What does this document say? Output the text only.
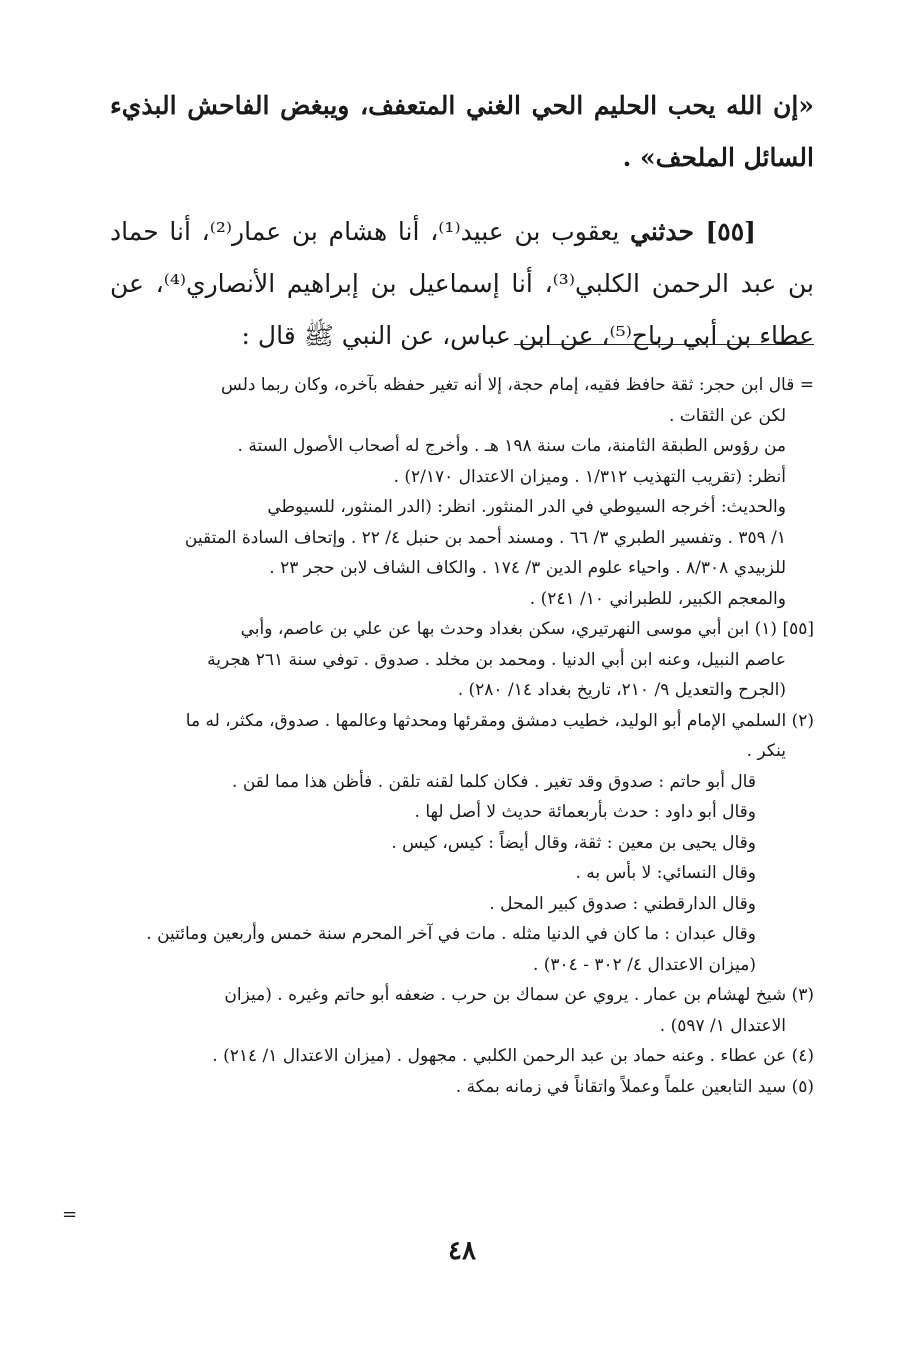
«إن الله يحب الحليم الحي الغني المتعفف، ويبغض الفاحش البذيء السائل الملحف» .

[٥٥] حدثني يعقوب بن عبيد⁽¹⁾، أنا هشام بن عمار⁽²⁾، أنا حماد بن عبد الرحمن الكلبي⁽³⁾، أنا إسماعيل بن إبراهيم الأنصاري⁽⁴⁾، عن عطاء بن أبي رباح⁽⁵⁾، عن ابن عباس، عن النبي ﷺ قال :

= قال ابن حجر: ثقة حافظ فقيه، إمام حجة، إلا أنه تغير حفظه بآخره، وكان ربما دلس

لكن عن الثقات .

من رؤوس الطبقة الثامنة، مات سنة ١٩٨ هـ . وأخرج له أصحاب الأصول الستة .

أنظر: (تقريب التهذيب ١/٣١٢ . وميزان الاعتدال ٢/١٧٠) .

والحديث: أخرجه السيوطي في الدر المنثور. انظر: (الدر المنثور، للسيوطي

١/ ٣٥٩ . وتفسير الطبري ٣/ ٦٦ . ومسند أحمد بن حنبل ٤/ ٢٢ . وإتحاف السادة المتقين

للزبيدي ٨/٣٠٨ . واحياء علوم الدين ٣/ ١٧٤ . والكاف الشاف لابن حجر ٢٣ .

والمعجم الكبير، للطبراني ١٠/ ٢٤١) .

[٥٥] (١) ابن أبي موسى النهرتيري، سكن بغداد وحدث بها عن علي بن عاصم، وأبي

عاصم النبيل، وعنه ابن أبي الدنيا . ومحمد بن مخلد . صدوق . توفي سنة ٢٦١ هجرية

(الجرح والتعديل ٩/ ٢١٠، تاريخ بغداد ١٤/ ٢٨٠) .

(٢) السلمي الإمام أبو الوليد، خطيب دمشق ومقرئها ومحدثها وعالمها . صدوق، مكثر، له ما

ينكر .

قال أبو حاتم : صدوق وقد تغير . فكان كلما لقنه تلقن . فأظن هذا مما لقن .

وقال أبو داود : حدث بأربعمائة حديث لا أصل لها .

وقال يحيى بن معين : ثقة، وقال أيضاً : كيس، كيس .

وقال النسائي: لا بأس به .

وقال الدارقطني : صدوق كبير المحل .

وقال عبدان : ما كان في الدنيا مثله . مات في آخر المحرم سنة خمس وأربعين ومائتين .

(ميزان الاعتدال ٤/ ٣٠٢ - ٣٠٤) .

(٣) شيخ لهشام بن عمار . يروي عن سماك بن حرب . ضعفه أبو حاتم وغيره . (ميزان

الاعتدال ١/ ٥٩٧) .

(٤) عن عطاء . وعنه حماد بن عبد الرحمن الكلبي . مجهول . (ميزان الاعتدال ١/ ٢١٤) .

(٥) سيد التابعين علماً وعملاً واتقاناً في زمانه بمكة .

=
٤٨
